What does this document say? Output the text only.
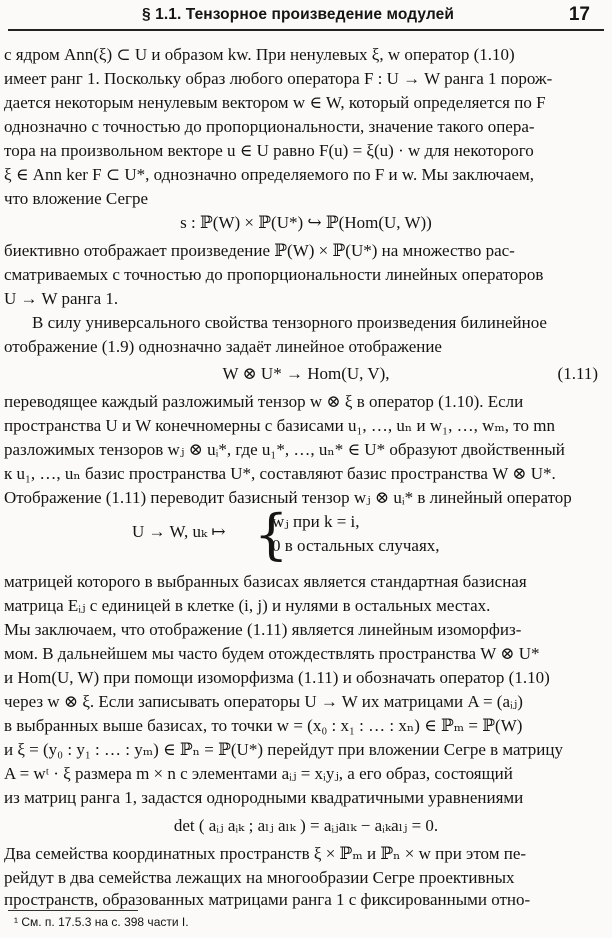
§ 1.1. Тензорное произведение модулей	17
с ядром Ann(ξ) ⊂ U и образом kw. При ненулевых ξ, w оператор (1.10)
имеет ранг 1. Поскольку образ любого оператора F : U → W ранга 1 порож-
дается некоторым ненулевым вектором w ∈ W, который определяется по F
однозначно с точностью до пропорциональности, значение такого опера-
тора на произвольном векторе u ∈ U равно F(u) = ξ(u) · w для некоторого
ξ ∈ Ann ker F ⊂ U*, однозначно определяемого по F и w. Мы заключаем,
что вложение Сегре
s : ℙ(W) × ℙ(U*) ↪ ℙ(Hom(U, W))
биективно отображает произведение ℙ(W) × ℙ(U*) на множество рас-
сматриваемых с точностью до пропорциональности линейных операторов
U → W ранга 1.
В силу универсального свойства тензорного произведения билинейное
отображение (1.9) однозначно задаёт линейное отображение
W ⊗ U* → Hom(U, V),	(1.11)
переводящее каждый разложимый тензор w ⊗ ξ в оператор (1.10). Если
пространства U и W конечномерны с базисами u₁, …, uₙ и w₁, …, wₘ, то mn
разложимых тензоров wⱼ ⊗ uᵢ*, где u₁*, …, uₙ* ∈ U* образуют двойственный
к u₁, …, uₙ базис пространства U*, составляют базис пространства W ⊗ U*.
Отображение (1.11) переводит базисный тензор wⱼ ⊗ uᵢ* в линейный оператор
U → W, uₖ ↦ {
wⱼ при k = i,
0 в остальных случаях,
матрицей которого в выбранных базисах является стандартная базисная
матрица Eᵢⱼ с единицей в клетке (i, j) и нулями в остальных местах.
Мы заключаем, что отображение (1.11) является линейным изоморфиз-
мом. В дальнейшем мы часто будем отождествлять пространства W ⊗ U*
и Hom(U, W) при помощи изоморфизма (1.11) и обозначать оператор (1.10)
через w ⊗ ξ. Если записывать операторы U → W их матрицами A = (aᵢⱼ)
в выбранных выше базисах, то точки w = (x₀ : x₁ : … : xₙ) ∈ ℙₘ = ℙ(W)
и ξ = (y₀ : y₁ : … : yₘ) ∈ ℙₙ = ℙ(U*) перейдут при вложении Сегре в матрицу
A = wᵗ · ξ размера m × n с элементами aᵢⱼ = xᵢyⱼ, а его образ, состоящий
из матриц ранга 1, задастся однородными квадратичными уравнениями
det ( aᵢⱼ aᵢₖ ; aₗⱼ aₗₖ ) = aᵢⱼaₗₖ − aᵢₖaₗⱼ = 0.
Два семейства координатных пространств ξ × ℙₘ и ℙₙ × w при этом пе-
рейдут в два семейства лежащих на многообразии Сегре проективных
пространств, образованных матрицами ранга 1 с фиксированными отно-
¹ См. п. 17.5.3 на с. 398 части I.
